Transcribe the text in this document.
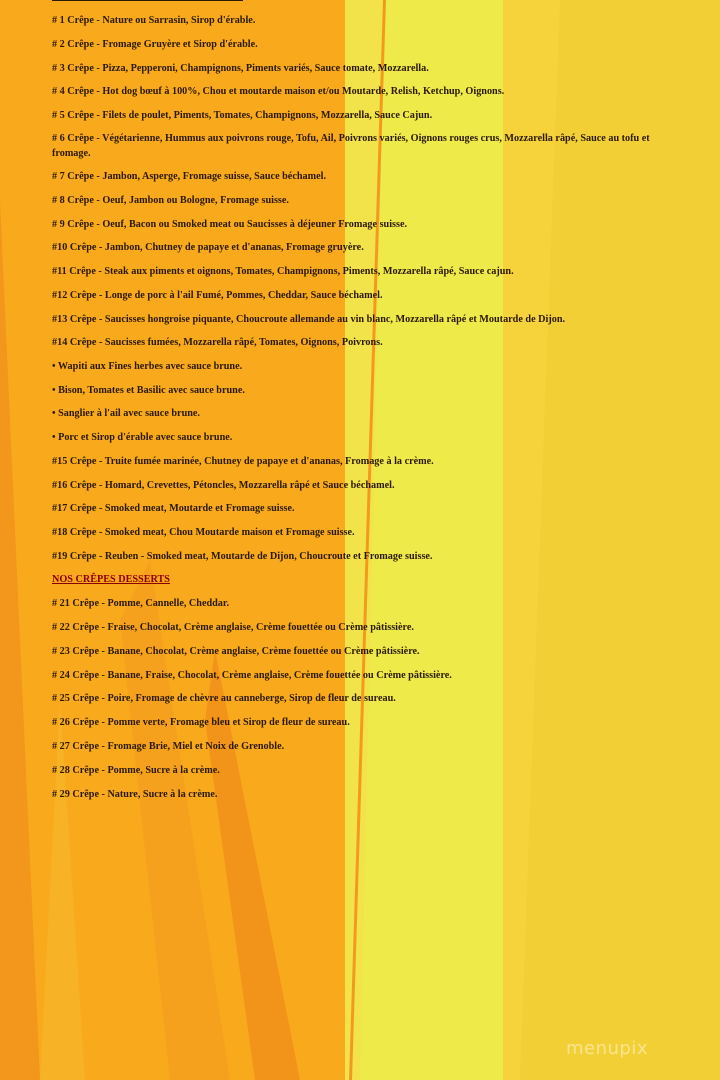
# 1 Crêpe - Nature ou Sarrasin, Sirop d'érable.
# 2 Crêpe - Fromage Gruyère et Sirop d'érable.
# 3 Crêpe - Pizza, Pepperoni, Champignons, Piments variés, Sauce tomate, Mozzarella.
# 4 Crêpe - Hot dog bœuf à 100%, Chou et moutarde maison et/ou Moutarde, Relish, Ketchup, Oignons.
# 5 Crêpe - Filets de poulet, Piments, Tomates, Champignons, Mozzarella, Sauce Cajun.
# 6 Crêpe - Végétarienne, Hummus aux poivrons rouge, Tofu, Ail, Poivrons variés, Oignons rouges crus, Mozzarella râpé, Sauce au tofu et fromage.
# 7 Crêpe - Jambon, Asperge, Fromage suisse, Sauce béchamel.
# 8 Crêpe - Oeuf, Jambon ou Bologne, Fromage suisse.
# 9 Crêpe - Oeuf, Bacon ou Smoked meat ou Saucisses à déjeuner Fromage suisse.
#10 Crêpe - Jambon, Chutney de papaye et d'ananas, Fromage gruyère.
#11 Crêpe - Steak aux piments et oignons, Tomates, Champignons, Piments, Mozzarella râpé, Sauce cajun.
#12 Crêpe - Longe de porc à l'ail Fumé, Pommes, Cheddar, Sauce béchamel.
#13 Crêpe - Saucisses hongroise piquante, Choucroute allemande au vin blanc, Mozzarella râpé et Moutarde de Dijon.
#14 Crêpe - Saucisses fumées, Mozzarella râpé, Tomates, Oignons, Poivrons.
• Wapiti aux Fines herbes avec sauce brune.
• Bison, Tomates et Basilic avec sauce brune.
• Sanglier à l'ail avec sauce brune.
• Porc et Sirop d'érable avec sauce brune.
#15 Crêpe - Truite fumée marinée, Chutney de papaye et d'ananas, Fromage à la crème.
#16 Crêpe - Homard, Crevettes, Pétoncles, Mozzarella râpé et Sauce béchamel.
#17 Crêpe - Smoked meat, Moutarde et Fromage suisse.
#18 Crêpe - Smoked meat, Chou Moutarde maison et Fromage suisse.
#19 Crêpe - Reuben - Smoked meat, Moutarde de Dijon, Choucroute et Fromage suisse.
NOS CRÊPES DESSERTS
# 21 Crêpe - Pomme, Cannelle, Cheddar.
# 22 Crêpe - Fraise, Chocolat, Crème anglaise, Crème fouettée ou Crème pâtissière.
# 23 Crêpe - Banane, Chocolat, Crème anglaise, Crème fouettée ou Crème pâtissière.
# 24 Crêpe - Banane, Fraise, Chocolat, Crème anglaise, Crème fouettée ou Crème pâtissière.
# 25 Crêpe - Poire, Fromage de chèvre au canneberge, Sirop de fleur de sureau.
# 26 Crêpe - Pomme verte, Fromage bleu et Sirop de fleur de sureau.
# 27 Crêpe - Fromage Brie, Miel et Noix de Grenoble.
# 28 Crêpe - Pomme, Sucre à la crème.
# 29 Crêpe - Nature, Sucre à la crème.
menupix
